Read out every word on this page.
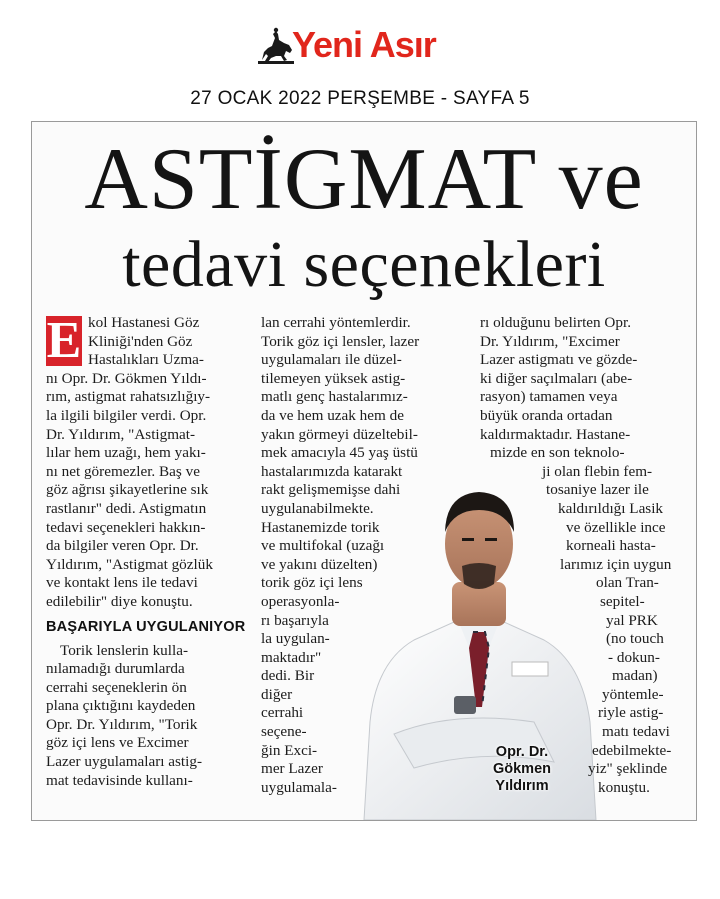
Yeni Asır
27 OCAK 2022 PERŞEMBE - SAYFA 5
ASTİGMAT ve
tedavi seçenekleri
E kol Hastanesi Göz
Kliniği'nden Göz
Hastalıkları Uzma-
nı Opr. Dr. Gökmen Yıldı-
rım, astigmat rahatsızlığıy-
la ilgili bilgiler verdi. Opr.
Dr. Yıldırım, "Astigmat-
lılar hem uzağı, hem yakı-
nı net göremezler. Baş ve
göz ağrısı şikayetlerine sık
rastlanır" dedi. Astigmatın
tedavi seçenekleri hakkın-
da bilgiler veren Opr. Dr.
Yıldırım, "Astigmat gözlük
ve kontakt lens ile tedavi
edilebilir" diye konuştu.
BAŞARIYLA UYGULANIYOR
Torik lenslerin kulla-
nılamadığı durumlarda
cerrahi seçeneklerin ön
plana çıktığını kaydeden
Opr. Dr. Yıldırım, "Torik
göz içi lens ve Excimer
Lazer uygulamaları astig-
mat tedavisinde kullanı-
lan cerrahi yöntemlerdir.
Torik göz içi lensler, lazer
uygulamaları ile düzel-
tilemeyen yüksek astig-
matlı genç hastalarımız-
da ve hem uzak hem de
yakın görmeyi düzeltebil-
mek amacıyla 45 yaş üstü
hastalarımızda katarakt
rakt gelişmemişse dahi
uygulanabilmekte.
Hastanemizde torik
ve multifokal (uzağı
ve yakını düzelten)
torik göz içi lens
operasyonla-
rı başarıyla
la uygulan-
maktadır"
dedi. Bir
diğer
cerrahi
seçene-
ğin Exci-
mer Lazer
uygulamala-
rı olduğunu belirten Opr.
Dr. Yıldırım, "Excimer
Lazer astigmatı ve gözde-
ki diğer saçılmaları (abe-
rasyon) tamamen veya
büyük oranda ortadan
kaldırmaktadır. Hastane-
mizde en son teknolo-
ji olan flebin fem-
tosaniye lazer ile
kaldırıldığı Lasik
ve özellikle ince
korneali hasta-
larımız için uygun
olan Tran-
sepitel-
yal PRK
(no touch
- dokun-
madan)
yöntemle-
riyle astig-
matı tedavi
edebilmekte-
yiz" şeklinde
konuştu.
Opr. Dr.
Gökmen
Yıldırım
